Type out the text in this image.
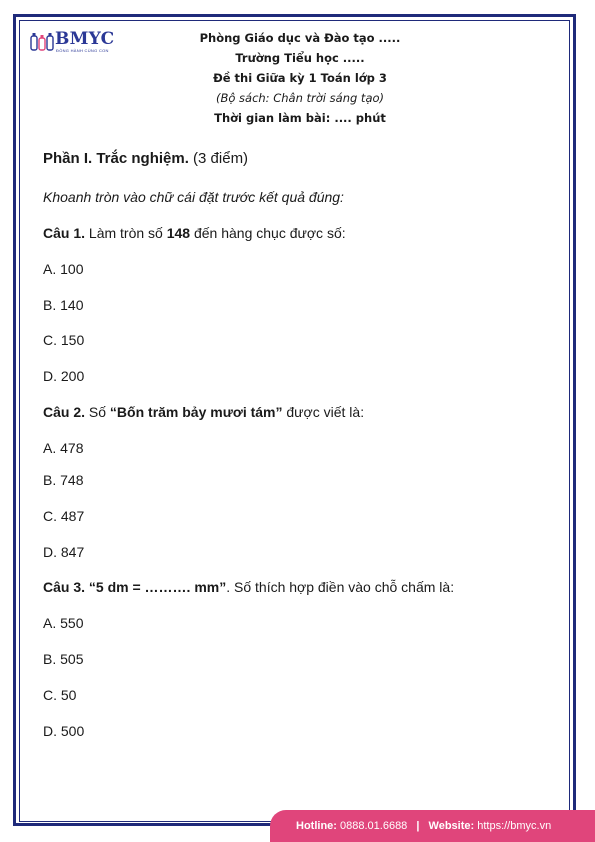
BMYC
ĐỒNG HÀNH CÙNG CON
Phòng Giáo dục và Đào tạo .....
Trường Tiểu học .....
Đề thi Giữa kỳ 1 Toán lớp 3
(Bộ sách: Chân trời sáng tạo)
Thời gian làm bài: .... phút
Phần I. Trắc nghiệm. (3 điểm)
Khoanh tròn vào chữ cái đặt trước kết quả đúng:
Câu 1. Làm tròn số 148 đến hàng chục được số:
A. 100
B. 140
C. 150
D. 200
Câu 2. Số “Bốn trăm bảy mươi tám” được viết là:
A. 478
B. 748
C. 487
D. 847
Câu 3. “5 dm = ………. mm”. Số thích hợp điền vào chỗ chấm là:
A. 550
B. 505
C. 50
D. 500
Hotline: 0888.01.6688 | Website: https://bmyc.vn
